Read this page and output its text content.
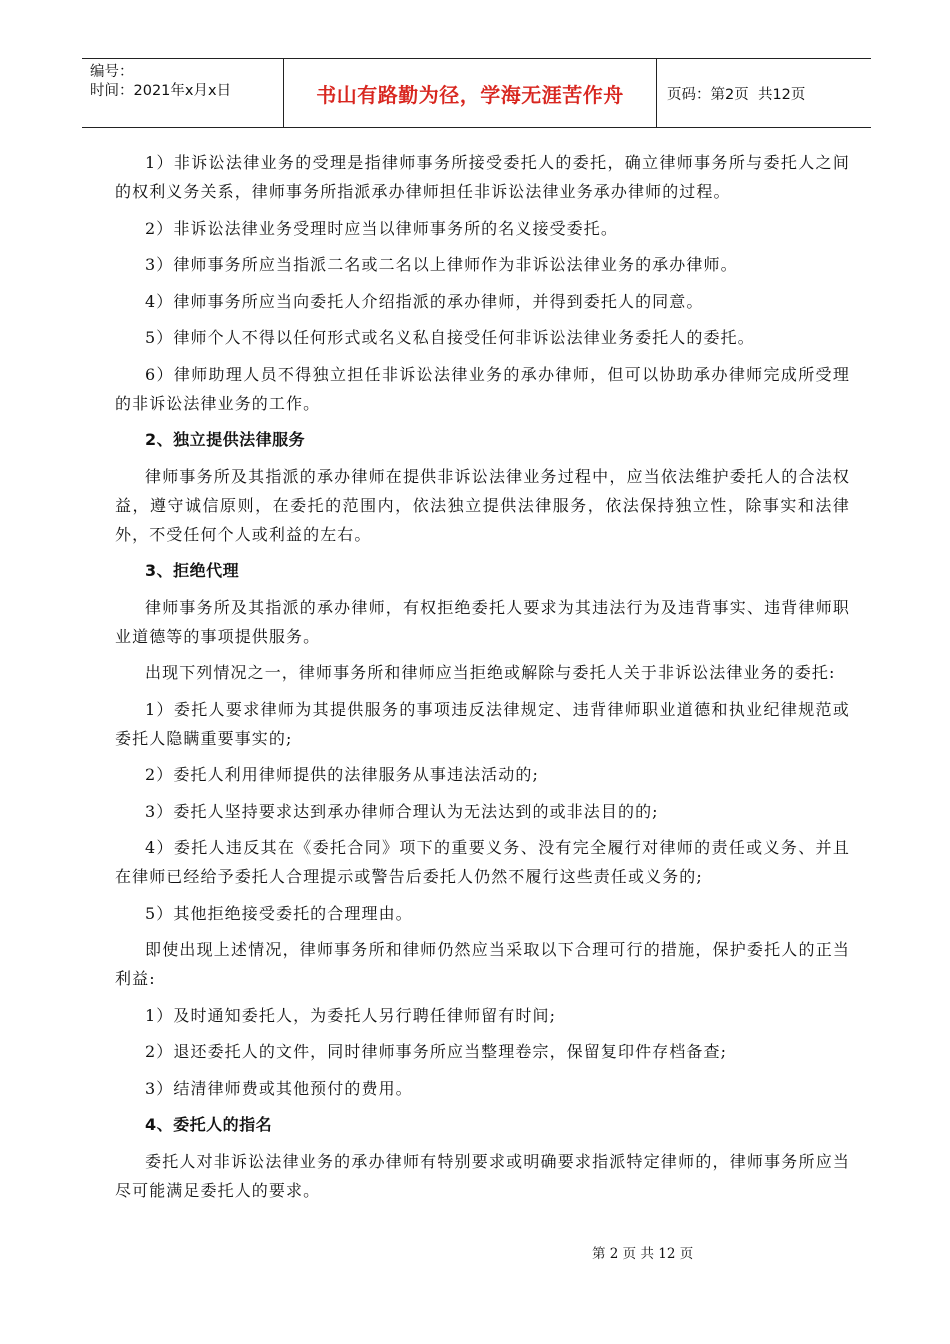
编号：
时间：2021年x月x日	书山有路勤为径，学海无涯苦作舟	页码：第2页  共12页

1）非诉讼法律业务的受理是指律师事务所接受委托人的委托，确立律师事务所与委托人之间的权利义务关系，律师事务所指派承办律师担任非诉讼法律业务承办律师的过程。

2）非诉讼法律业务受理时应当以律师事务所的名义接受委托。

3）律师事务所应当指派二名或二名以上律师作为非诉讼法律业务的承办律师。

4）律师事务所应当向委托人介绍指派的承办律师，并得到委托人的同意。

5）律师个人不得以任何形式或名义私自接受任何非诉讼法律业务委托人的委托。

6）律师助理人员不得独立担任非诉讼法律业务的承办律师，但可以协助承办律师完成所受理的非诉讼法律业务的工作。

2、独立提供法律服务

律师事务所及其指派的承办律师在提供非诉讼法律业务过程中，应当依法维护委托人的合法权益，遵守诚信原则，在委托的范围内，依法独立提供法律服务，依法保持独立性，除事实和法律外，不受任何个人或利益的左右。

3、拒绝代理

律师事务所及其指派的承办律师，有权拒绝委托人要求为其违法行为及违背事实、违背律师职业道德等的事项提供服务。

出现下列情况之一，律师事务所和律师应当拒绝或解除与委托人关于非诉讼法律业务的委托:

1）委托人要求律师为其提供服务的事项违反法律规定、违背律师职业道德和执业纪律规范或委托人隐瞒重要事实的;

2）委托人利用律师提供的法律服务从事违法活动的;

3）委托人坚持要求达到承办律师合理认为无法达到的或非法目的的;

4）委托人违反其在《委托合同》项下的重要义务、没有完全履行对律师的责任或义务、并且在律师已经给予委托人合理提示或警告后委托人仍然不履行这些责任或义务的;

5）其他拒绝接受委托的合理理由。

即使出现上述情况，律师事务所和律师仍然应当采取以下合理可行的措施，保护委托人的正当利益:

1）及时通知委托人，为委托人另行聘任律师留有时间;

2）退还委托人的文件，同时律师事务所应当整理卷宗，保留复印件存档备查;

3）结清律师费或其他预付的费用。

4、委托人的指名

委托人对非诉讼法律业务的承办律师有特别要求或明确要求指派特定律师的，律师事务所应当尽可能满足委托人的要求。

第 2 页 共 12 页
